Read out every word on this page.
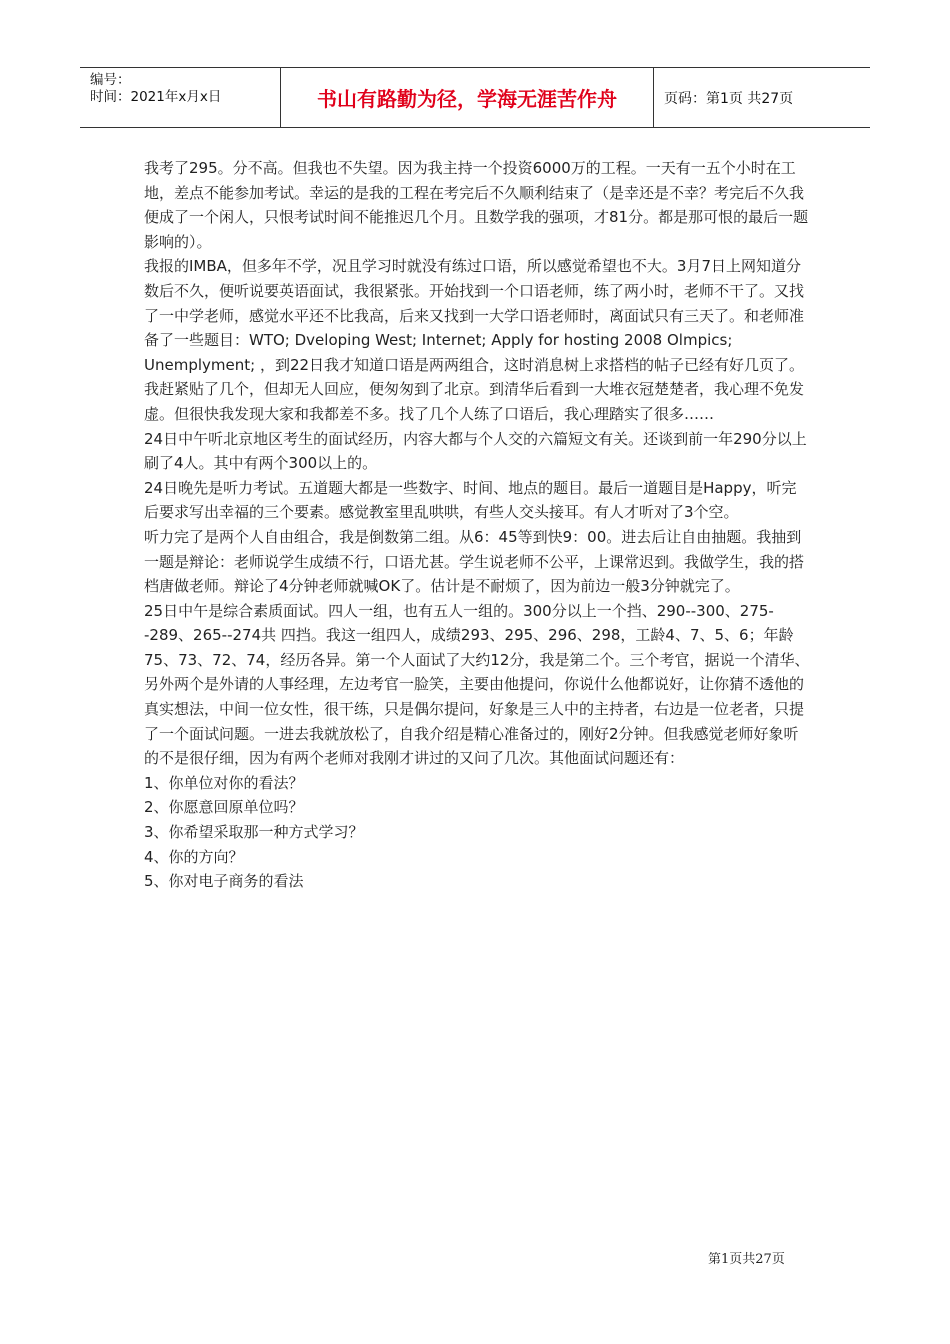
编号：
时间：2021年x月x日	书山有路勤为径，学海无涯苦作舟	页码：第1页 共27页

我考了295。分不高。但我也不失望。因为我主持一个投资6000万的工程。一天有一五个小时在工地，差点不能参加考试。幸运的是我的工程在考完后不久顺利结束了（是幸还是不幸？考完后不久我便成了一个闲人，只恨考试时间不能推迟几个月。且数学我的强项，才81分。都是那可恨的最后一题影响的）。

我报的IMBA，但多年不学，况且学习时就没有练过口语，所以感觉希望也不大。3月7日上网知道分数后不久，便听说要英语面试，我很紧张。开始找到一个口语老师，练了两小时，老师不干了。又找了一中学老师，感觉水平还不比我高，后来又找到一大学口语老师时，离面试只有三天了。和老师准备了一些题目：WTO; Dveloping West; Internet; Apply for hosting 2008 Olmpics; Unemplyment; ，到22日我才知道口语是两两组合，这时消息树上求搭档的帖子已经有好几页了。我赶紧贴了几个，但却无人回应，便匆匆到了北京。到清华后看到一大堆衣冠楚楚者，我心理不免发虚。但很快我发现大家和我都差不多。找了几个人练了口语后，我心理踏实了很多……

24日中午听北京地区考生的面试经历，内容大都与个人交的六篇短文有关。还谈到前一年290分以上刷了4人。其中有两个300以上的。

24日晚先是听力考试。五道题大都是一些数字、时间、地点的题目。最后一道题目是Happy，听完后要求写出幸福的三个要素。感觉教室里乱哄哄，有些人交头接耳。有人才听对了3个空。

听力完了是两个人自由组合，我是倒数第二组。从6：45等到快9：00。进去后让自由抽题。我抽到一题是辩论：老师说学生成绩不行，口语尤甚。学生说老师不公平，上课常迟到。我做学生，我的搭档唐做老师。辩论了4分钟老师就喊OK了。估计是不耐烦了，因为前边一般3分钟就完了。

25日中午是综合素质面试。四人一组，也有五人一组的。300分以上一个挡、290--300、275--289、265--274共 四挡。我这一组四人，成绩293、295、296、298，工龄4、7、5、6；年龄75、73、72、74，经历各异。第一个人面试了大约12分，我是第二个。三个考官，据说一个清华、另外两个是外请的人事经理，左边考官一脸笑，主要由他提问，你说什么他都说好，让你猜不透他的真实想法，中间一位女性，很干练，只是偶尔提问，好象是三人中的主持者，右边是一位老者，只提了一个面试问题。一进去我就放松了，自我介绍是精心准备过的，刚好2分钟。但我感觉老师好象听的不是很仔细，因为有两个老师对我刚才讲过的又问了几次。其他面试问题还有：

1、你单位对你的看法？

2、你愿意回原单位吗？

3、你希望采取那一种方式学习？

4、你的方向？

5、你对电子商务的看法

第1页共27页
